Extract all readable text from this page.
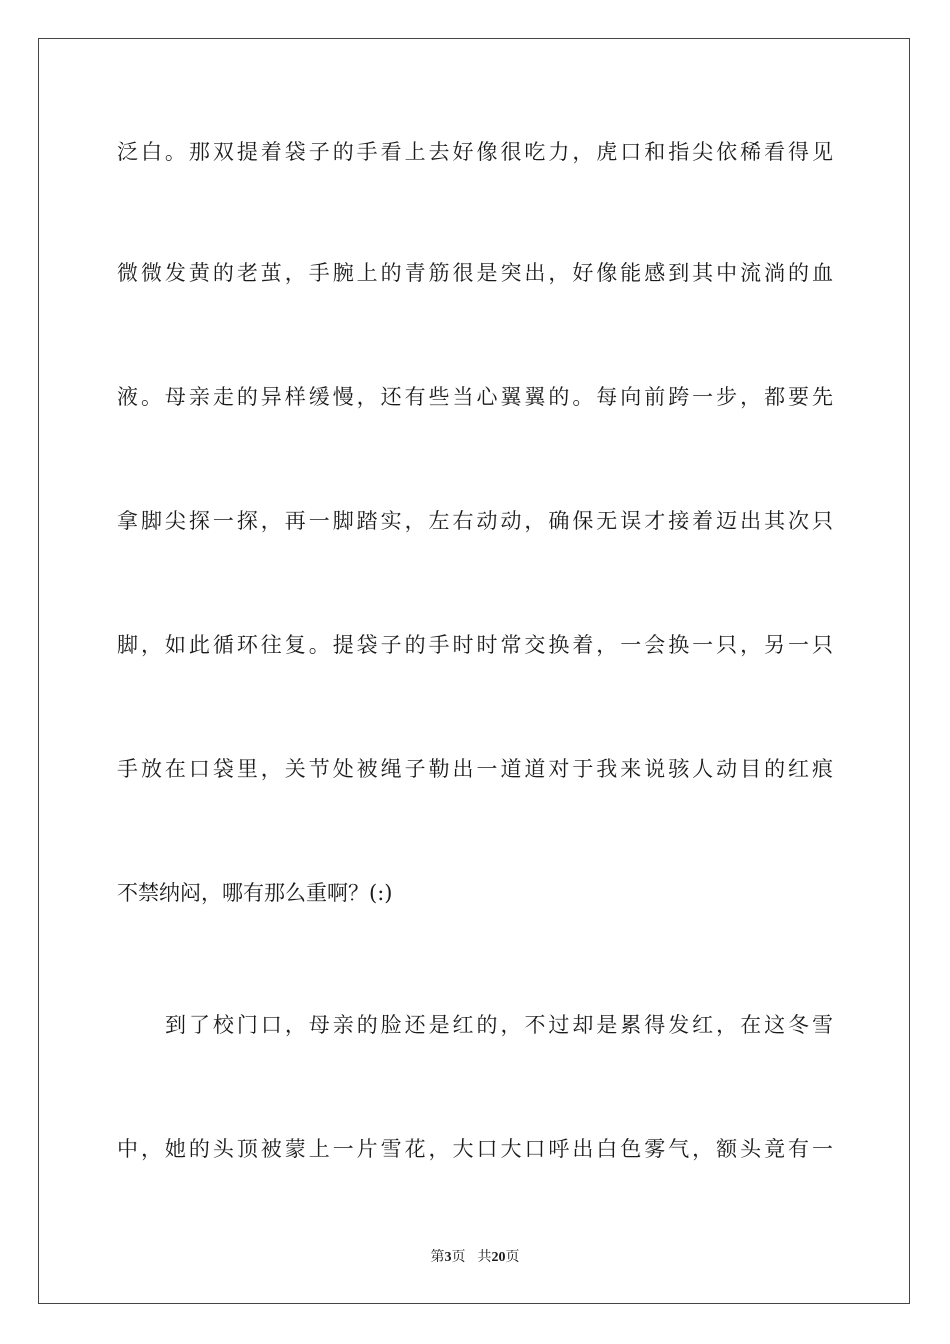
泛白。那双提着袋子的手看上去好像很吃力，虎口和指尖依稀看得见
微微发黄的老茧，手腕上的青筋很是突出，好像能感到其中流淌的血
液。母亲走的异样缓慢，还有些当心翼翼的。每向前跨一步，都要先
拿脚尖探一探，再一脚踏实，左右动动，确保无误才接着迈出其次只
脚，如此循环往复。提袋子的手时时常交换着，一会换一只，另一只
手放在口袋里，关节处被绳子勒出一道道对于我来说骇人动目的红痕
不禁纳闷，哪有那么重啊？(:)
到了校门口，母亲的脸还是红的，不过却是累得发红，在这冬雪
中，她的头顶被蒙上一片雪花，大口大口呼出白色雾气，额头竟有一
第3页 共20页
